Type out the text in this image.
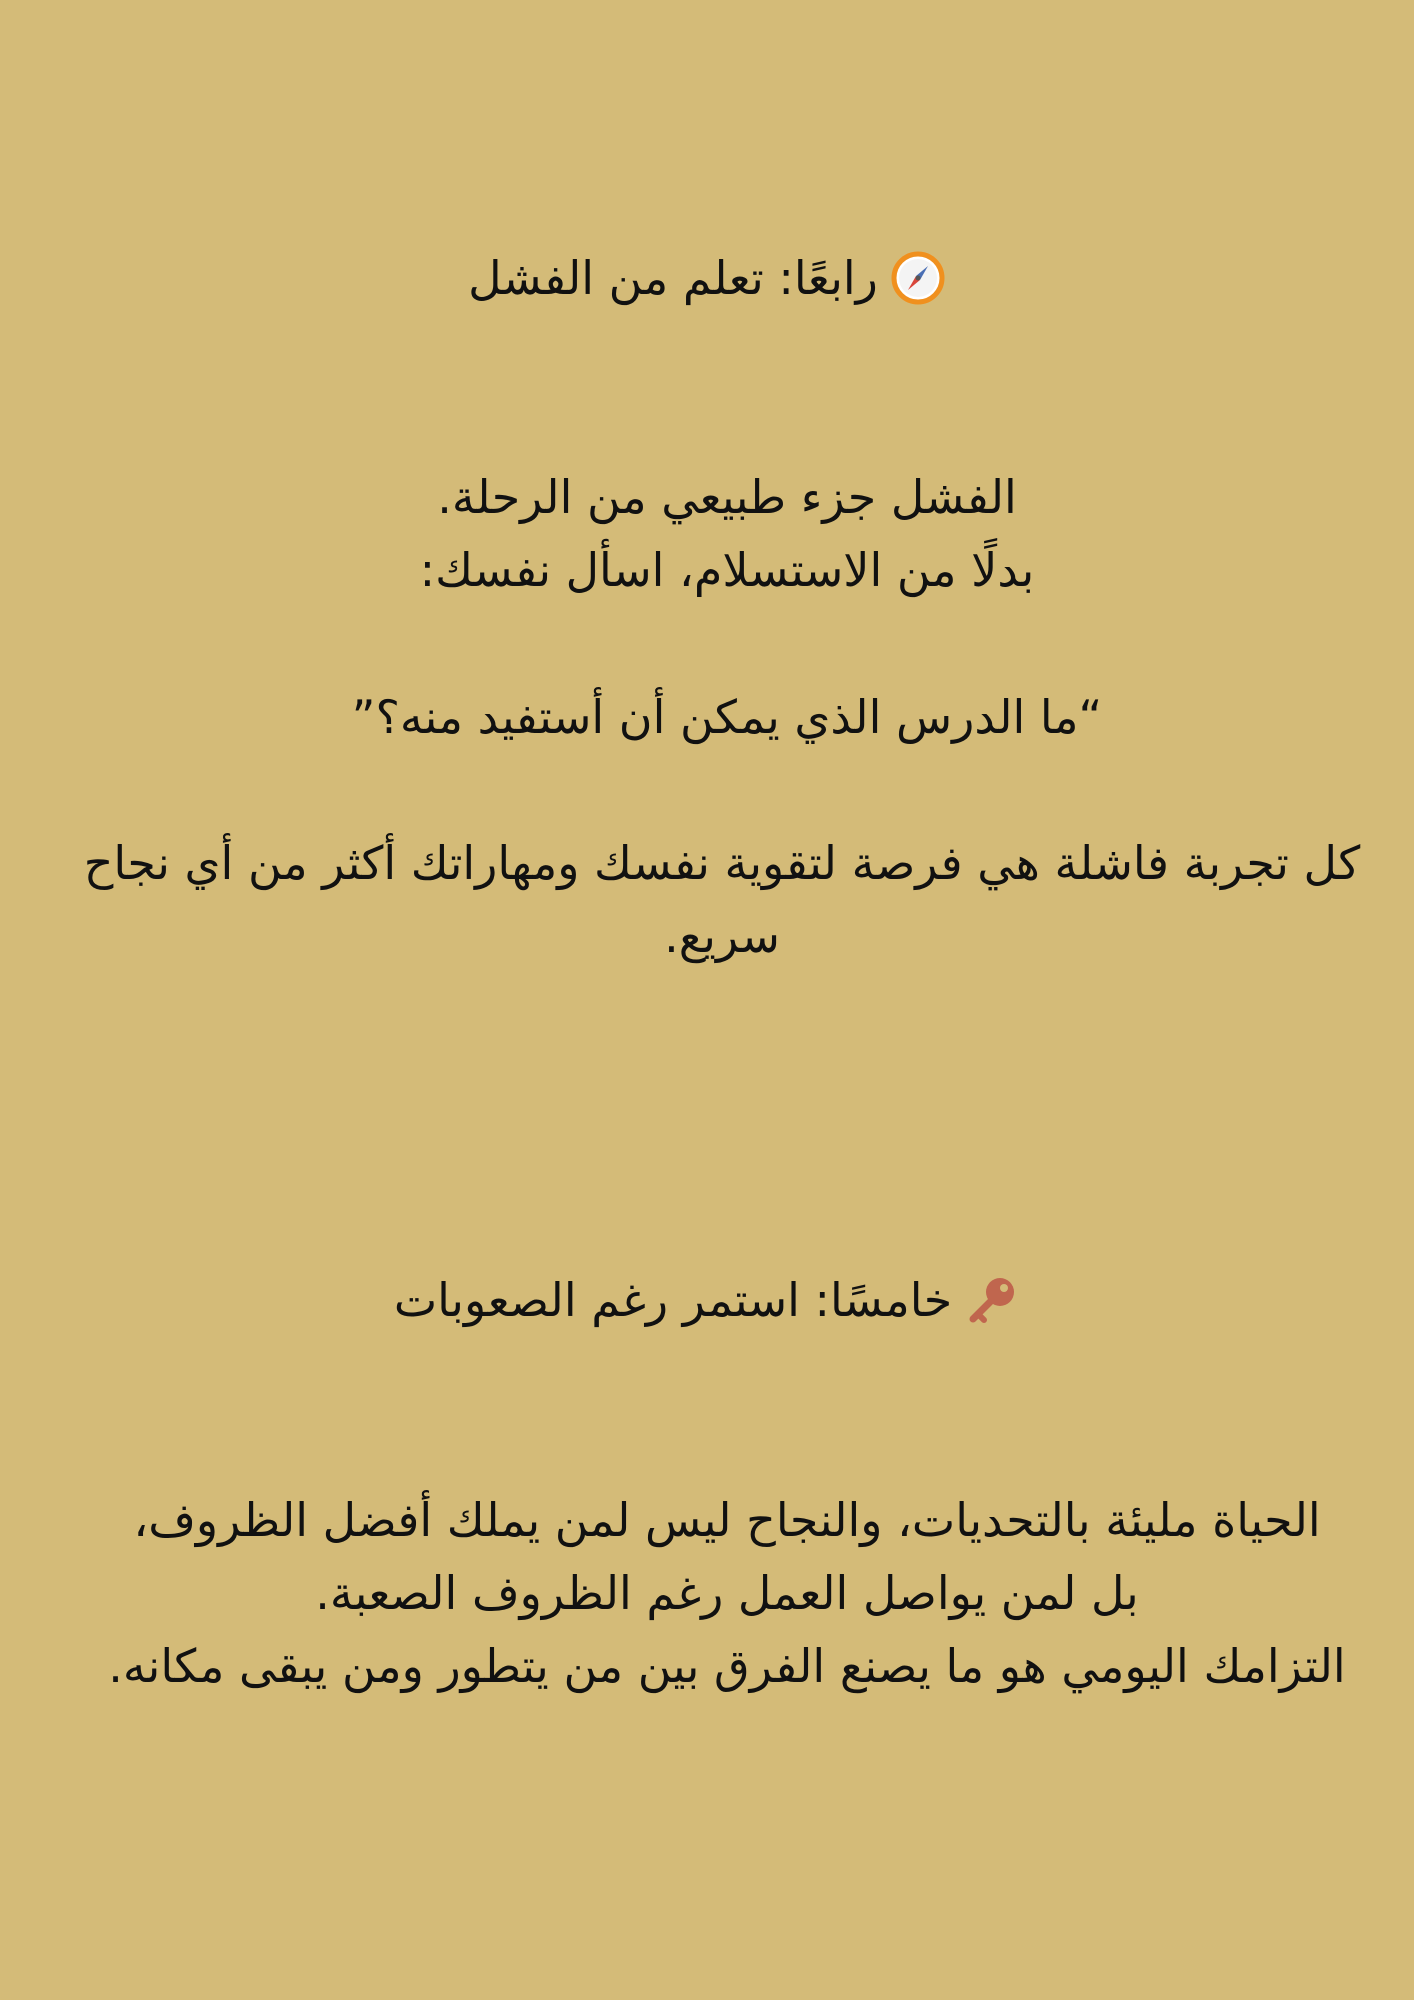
رابعًا: تعلم من الفشل

الفشل جزء طبيعي من الرحلة.

بدلًا من الاستسلام، اسأل نفسك:

“ما الدرس الذي يمكن أن أستفيد منه؟”

كل تجربة فاشلة هي فرصة لتقوية نفسك ومهاراتك أكثر من أي نجاح سريع.

خامسًا: استمر رغم الصعوبات

الحياة مليئة بالتحديات، والنجاح ليس لمن يملك أفضل الظروف،

بل لمن يواصل العمل رغم الظروف الصعبة.

التزامك اليومي هو ما يصنع الفرق بين من يتطور ومن يبقى مكانه.
